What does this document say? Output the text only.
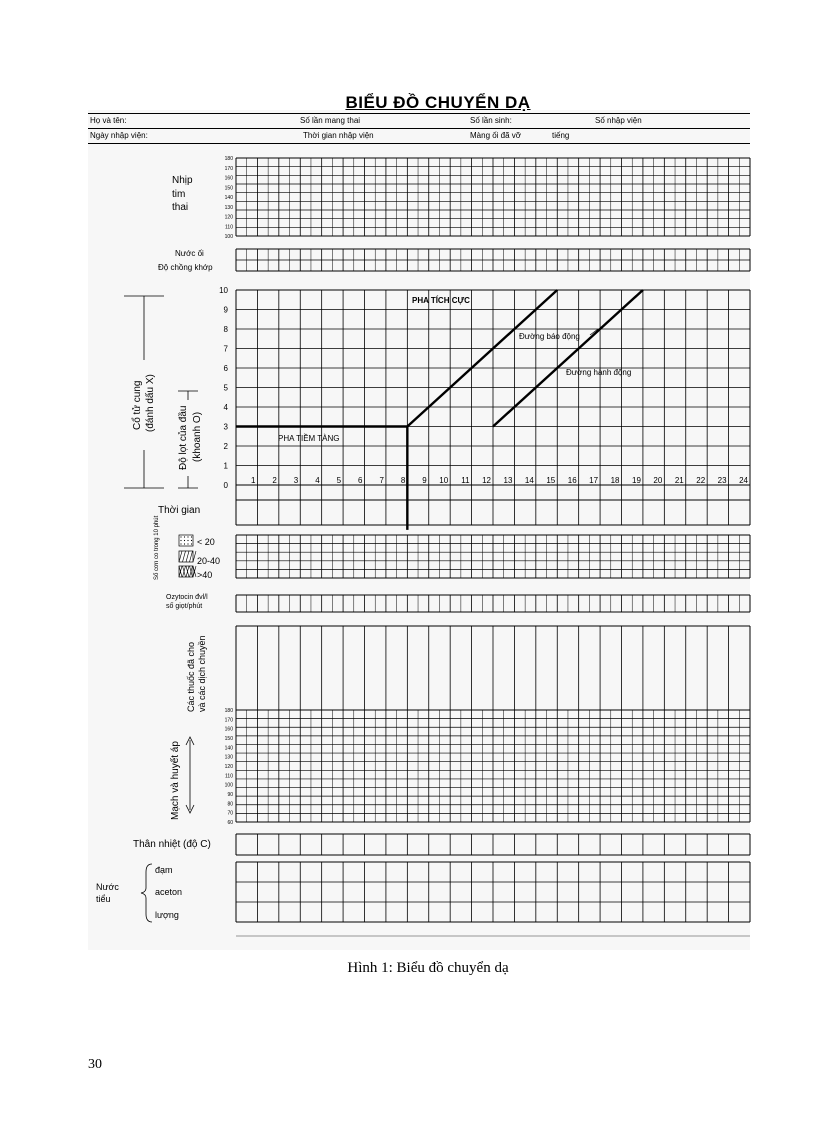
BIỂU ĐỒ CHUYỂN DẠ
Họ và tên:	Số lần mang thai	Số lần sinh:	Số nhập viện
Ngày nhập viện:	Thời gian nhập viện	Màng ối đã vỡ	tiếng
Nhịp
tim
thai
Nước ối
Độ chồng khớp
Cổ tử cung (đánh dấu X)
Độ lọt của đầu (khoanh O)
Thời gian
Số cơn co trong 10 phút	< 20
20-40
>40
Ozytocin đvl/l
số giọt/phút
Các thuốc đã cho và các dịch chuyền
Mạch và huyết áp
Thân nhiệt (độ C)
Nước
tiểu
đạm
aceton
lượng
10
9
8
7
6
5
4
3
2
1
0
1 2 3 4 5 6 7 8 9 10 11 12 13 14 15 16 17 18 19 20 21 22 23 24
PHA TÍCH CỰC
PHA TIỀM TÀNG
Đường báo động
Đường hành động
180
170
160
150
140
130
120
110
100
180
170
160
150
140
130
120
110
100
90
80
70
60
Hình 1: Biểu đồ chuyển dạ
30
